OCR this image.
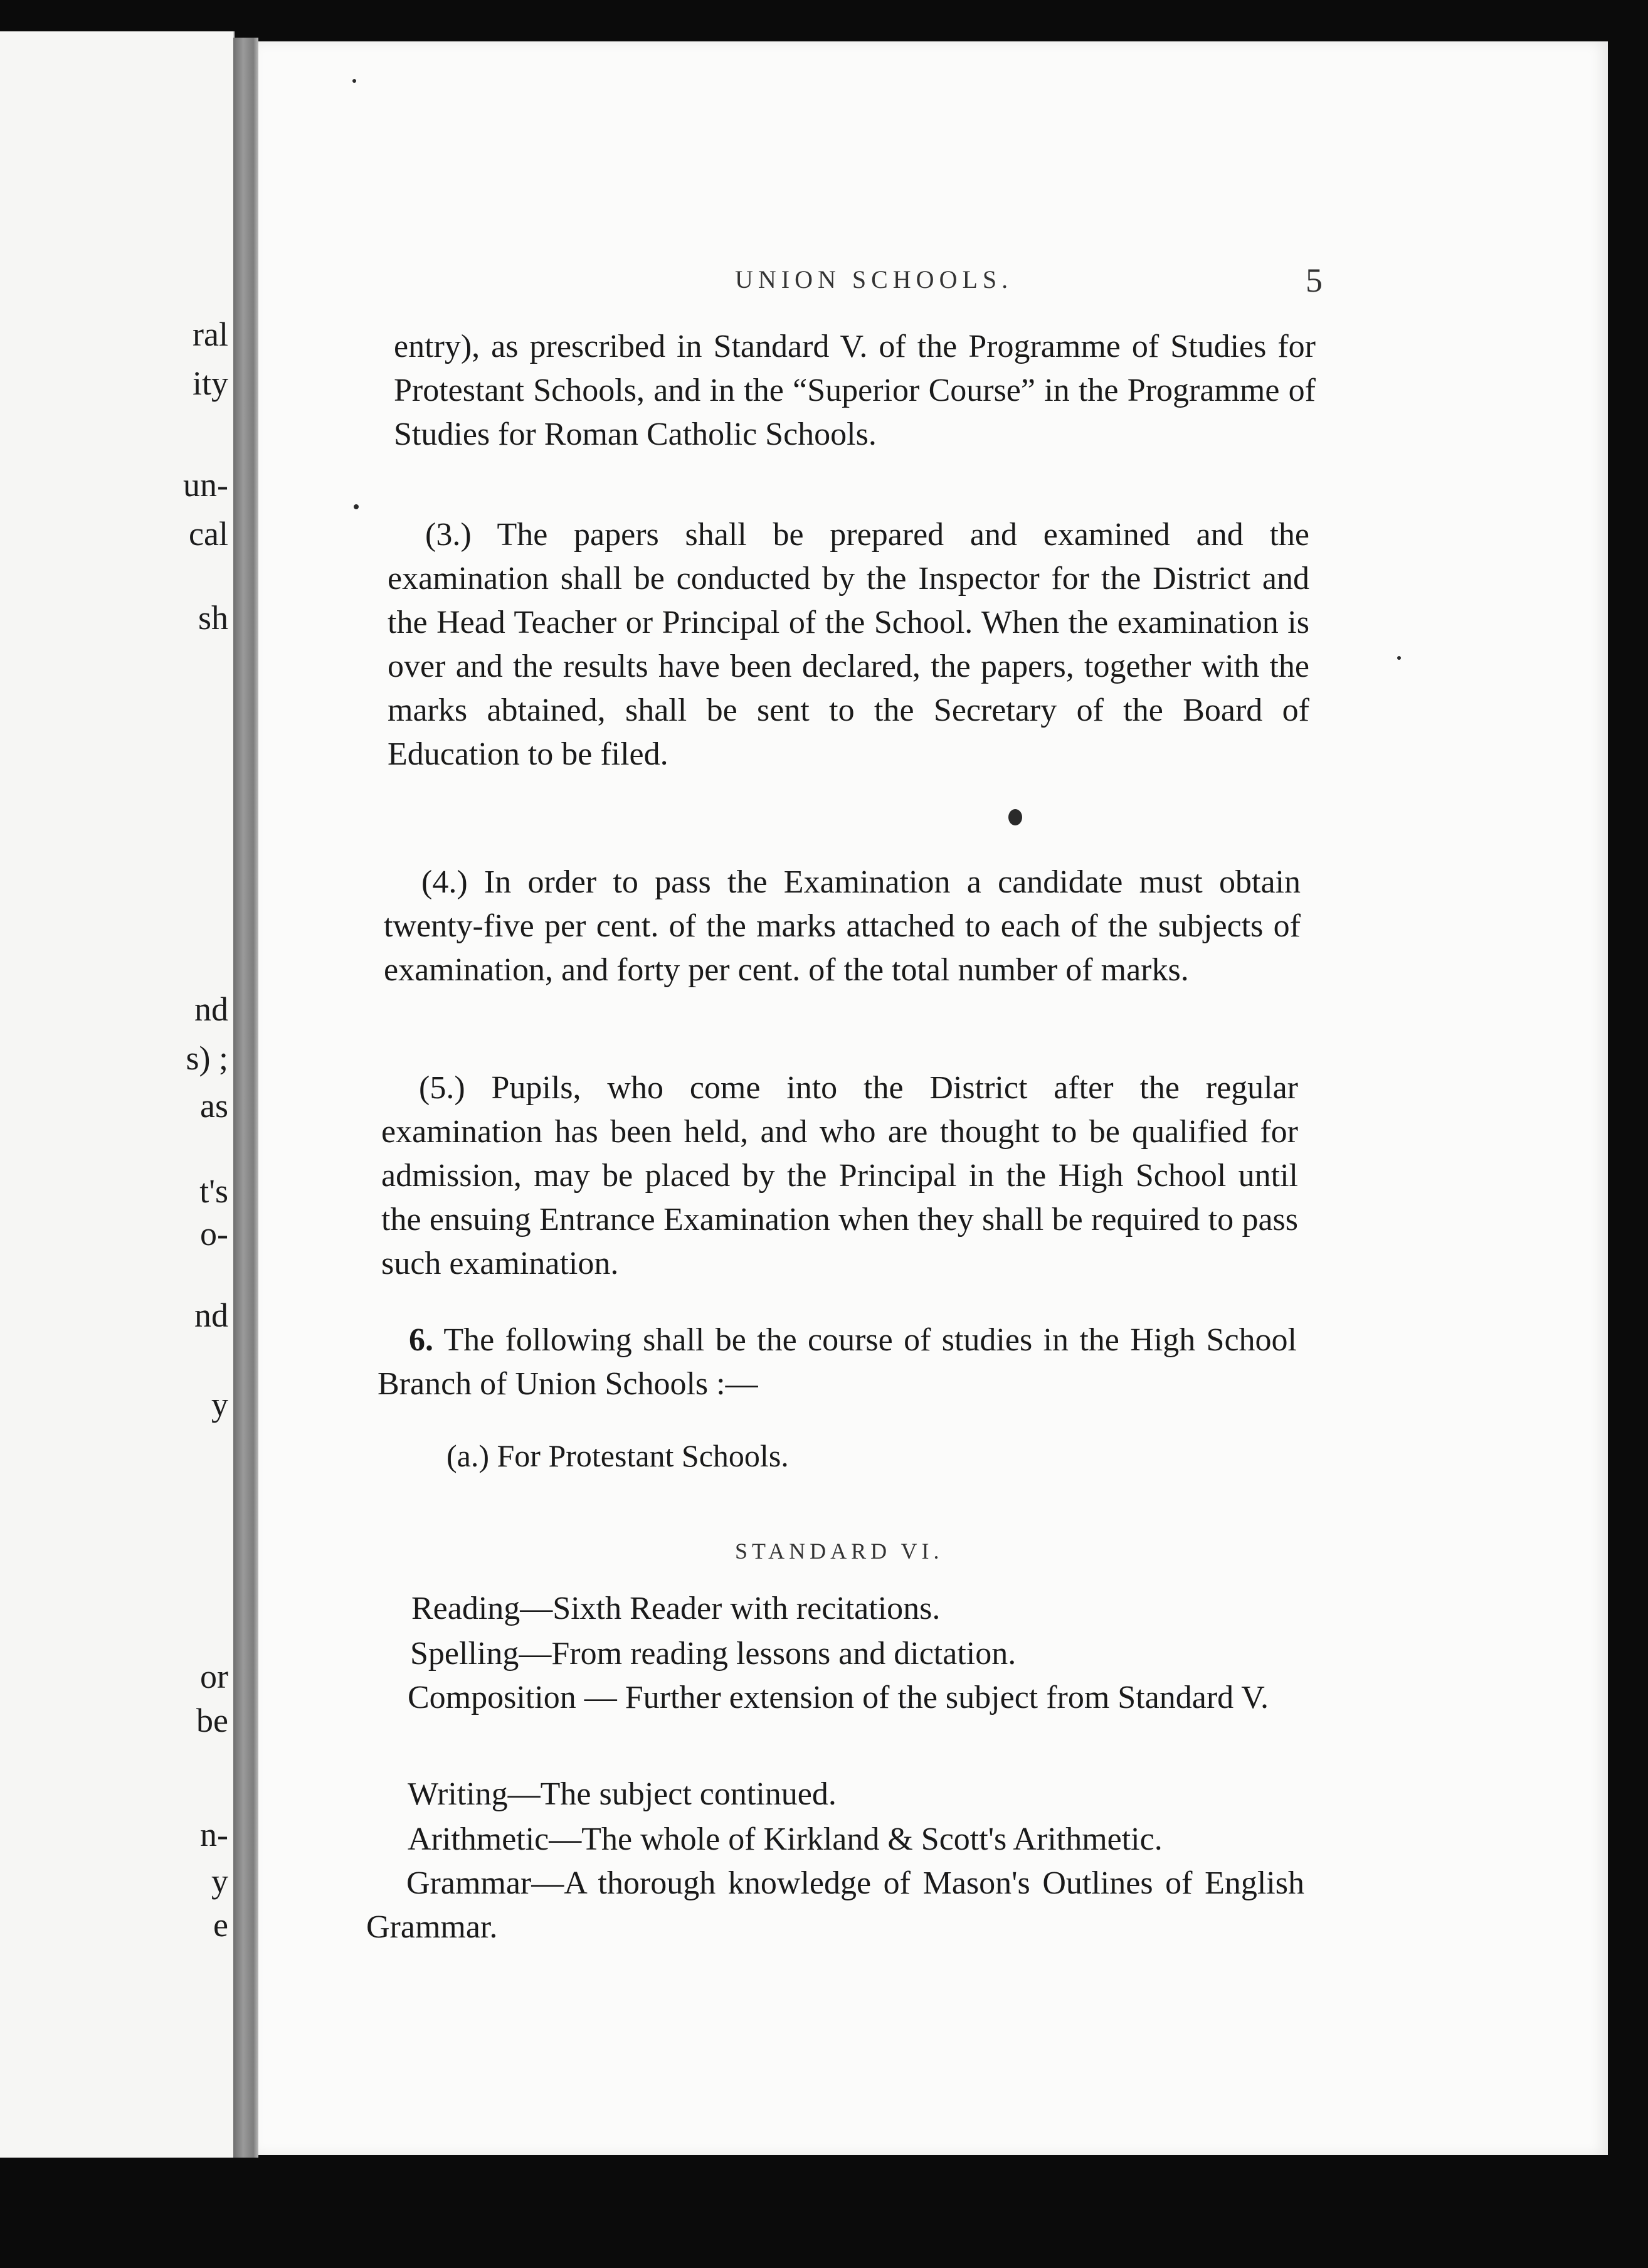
ral
ity
un-
cal
sh
nd
s) ;
as
t's
o-
nd
y
or
be
n-
y
e
UNION SCHOOLS.	5

entry), as prescribed in Standard V. of the Programme of Studies for Protestant Schools, and in the “Superior Course” in the Programme of Studies for Roman Catholic Schools.

(3.) The papers shall be prepared and examined and the examination shall be conducted by the Inspector for the District and the Head Teacher or Principal of the School. When the examination is over and the results have been declared, the papers, together with the marks abtained, shall be sent to the Secretary of the Board of Education to be filed.

(4.) In order to pass the Examination a candidate must obtain twenty-five per cent. of the marks attached to each of the subjects of examination, and forty per cent. of the total number of marks.

(5.) Pupils, who come into the District after the regular examination has been held, and who are thought to be qualified for admission, may be placed by the Principal in the High School until the ensuing Entrance Examination when they shall be required to pass such examination.

6. The following shall be the course of studies in the High School Branch of Union Schools :—

(a.) For Protestant Schools.
STANDARD VI.

Reading—Sixth Reader with recitations.

Spelling—From reading lessons and dictation.

Composition — Further extension of the subject from Standard V.

Writing—The subject continued.

Arithmetic—The whole of Kirkland & Scott's Arithmetic.

Grammar—A thorough knowledge of Mason's Outlines of English Grammar.
